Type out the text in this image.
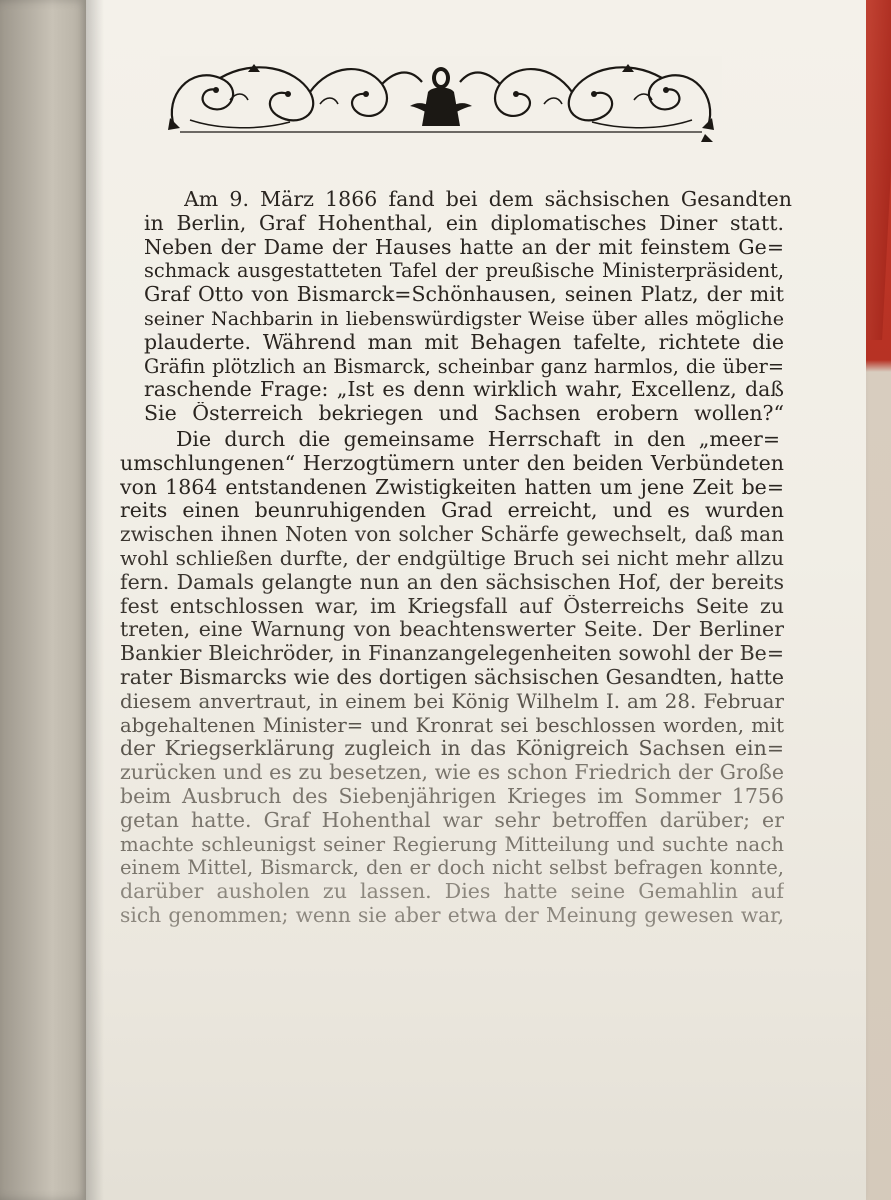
Am 9. März 1866 fand bei dem sächsischen Gesandten
in Berlin, Graf Hohenthal, ein diplomatisches Diner statt.
Neben der Dame der Hauses hatte an der mit feinstem Ge=
schmack ausgestatteten Tafel der preußische Ministerpräsident,
Graf Otto von Bismarck=Schönhausen, seinen Platz, der mit
seiner Nachbarin in liebenswürdigster Weise über alles mögliche
plauderte. Während man mit Behagen tafelte, richtete die
Gräfin plötzlich an Bismarck, scheinbar ganz harmlos, die über=
raschende Frage: „Ist es denn wirklich wahr, Excellenz, daß
Sie Österreich bekriegen und Sachsen erobern wollen?“
Die durch die gemeinsame Herrschaft in den „meer=
umschlungenen“ Herzogtümern unter den beiden Verbündeten
von 1864 entstandenen Zwistigkeiten hatten um jene Zeit be=
reits einen beunruhigenden Grad erreicht, und es wurden
zwischen ihnen Noten von solcher Schärfe gewechselt, daß man
wohl schließen durfte, der endgültige Bruch sei nicht mehr allzu
fern. Damals gelangte nun an den sächsischen Hof, der bereits
fest entschlossen war, im Kriegsfall auf Österreichs Seite zu
treten, eine Warnung von beachtenswerter Seite. Der Berliner
Bankier Bleichröder, in Finanzangelegenheiten sowohl der Be=
rater Bismarcks wie des dortigen sächsischen Gesandten, hatte
diesem anvertraut, in einem bei König Wilhelm I. am 28. Februar
abgehaltenen Minister= und Kronrat sei beschlossen worden, mit
der Kriegserklärung zugleich in das Königreich Sachsen ein=
zurücken und es zu besetzen, wie es schon Friedrich der Große
beim Ausbruch des Siebenjährigen Krieges im Sommer 1756
getan hatte. Graf Hohenthal war sehr betroffen darüber; er
machte schleunigst seiner Regierung Mitteilung und suchte nach
einem Mittel, Bismarck, den er doch nicht selbst befragen konnte,
darüber ausholen zu lassen. Dies hatte seine Gemahlin auf
sich genommen; wenn sie aber etwa der Meinung gewesen war,
